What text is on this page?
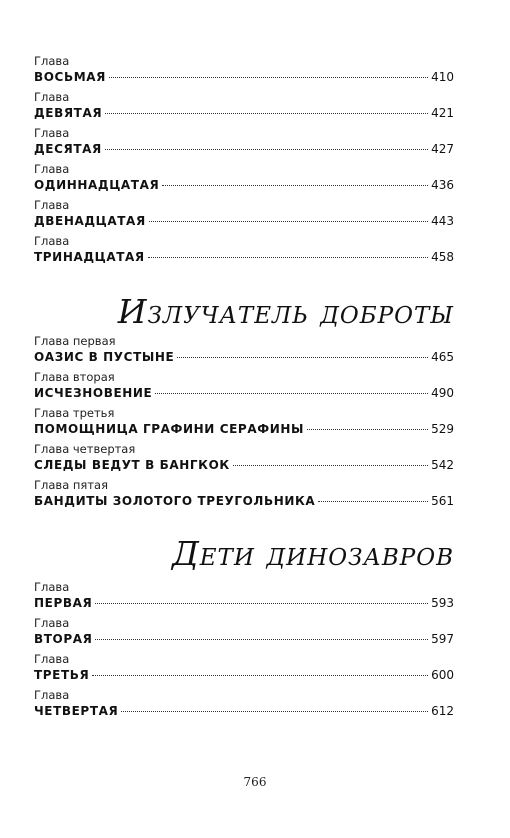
Глава
ВОСЬМАЯ	410
Глава
ДЕВЯТАЯ	421
Глава
ДЕСЯТАЯ	427
Глава
ОДИННАДЦАТАЯ	436
Глава
ДВЕНАДЦАТАЯ	443
Глава
ТРИНАДЦАТАЯ	458
Излучатель доброты
Глава первая
ОАЗИС В ПУСТЫНЕ	465
Глава вторая
ИСЧЕЗНОВЕНИЕ	490
Глава третья
ПОМОЩНИЦА ГРАФИНИ СЕРАФИНЫ	529
Глава четвертая
СЛЕДЫ ВЕДУТ В БАНГКОК	542
Глава пятая
БАНДИТЫ ЗОЛОТОГО ТРЕУГОЛЬНИКА	561
Дети динозавров
Глава
ПЕРВАЯ	593
Глава
ВТОРАЯ	597
Глава
ТРЕТЬЯ	600
Глава
ЧЕТВЕРТАЯ	612
766
